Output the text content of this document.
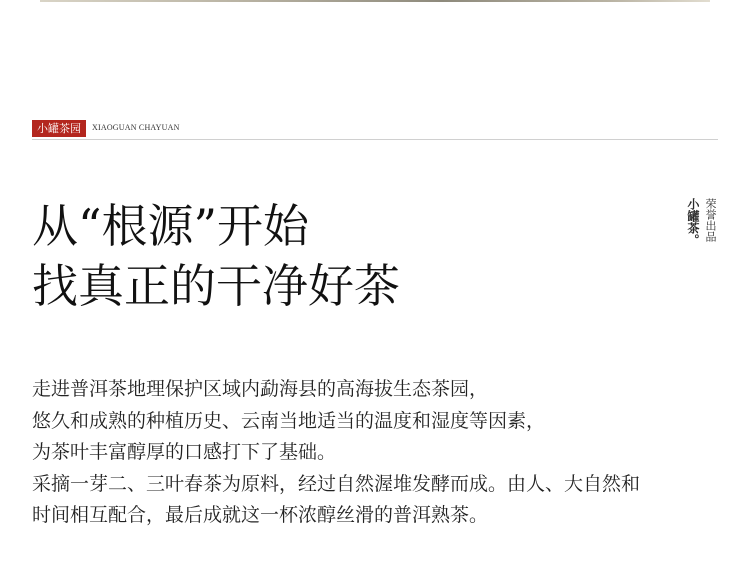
小罐茶园	XIAOGUAN CHAYUAN
从“根源”开始
找真正的干净好茶
小罐茶。 荣誉出品
走进普洱茶地理保护区域内勐海县的高海拔生态茶园，
悠久和成熟的种植历史、云南当地适当的温度和湿度等因素，
为茶叶丰富醇厚的口感打下了基础。
采摘一芽二、三叶春茶为原料，经过自然渥堆发酵而成。由人、大自然和
时间相互配合，最后成就这一杯浓醇丝滑的普洱熟茶。
